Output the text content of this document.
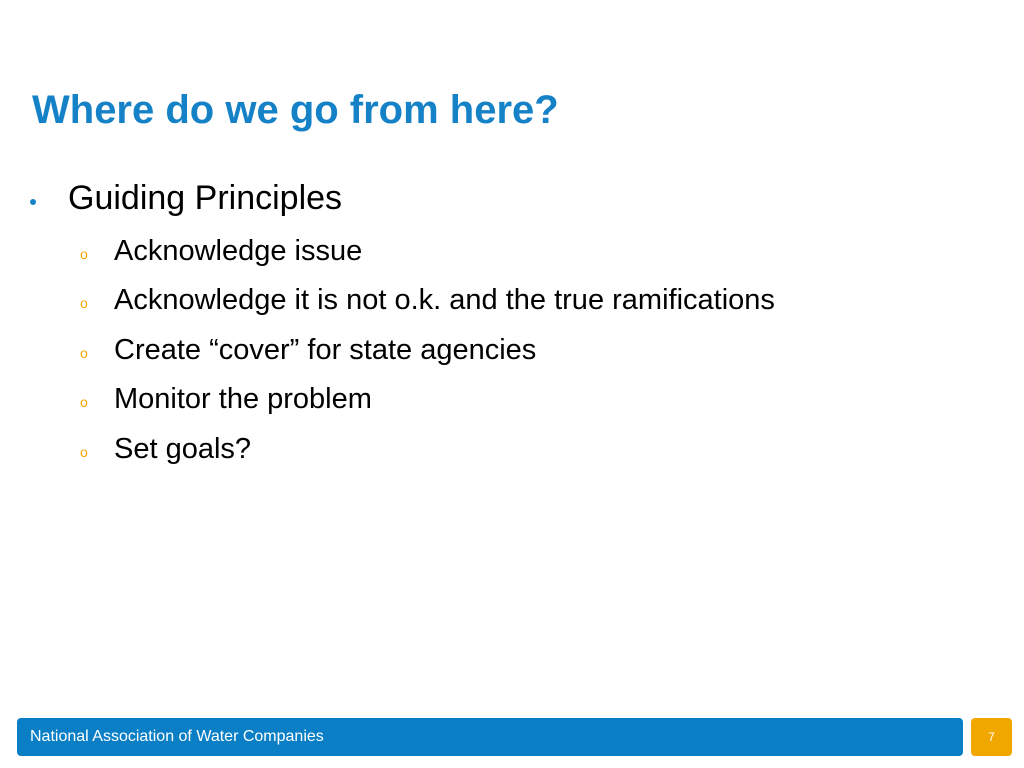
Where do we go from here?
Guiding Principles
o Acknowledge issue
o Acknowledge it is not o.k. and the true ramifications
o Create “cover” for state agencies
o Monitor the problem
o Set goals?
National Association of Water Companies	7
